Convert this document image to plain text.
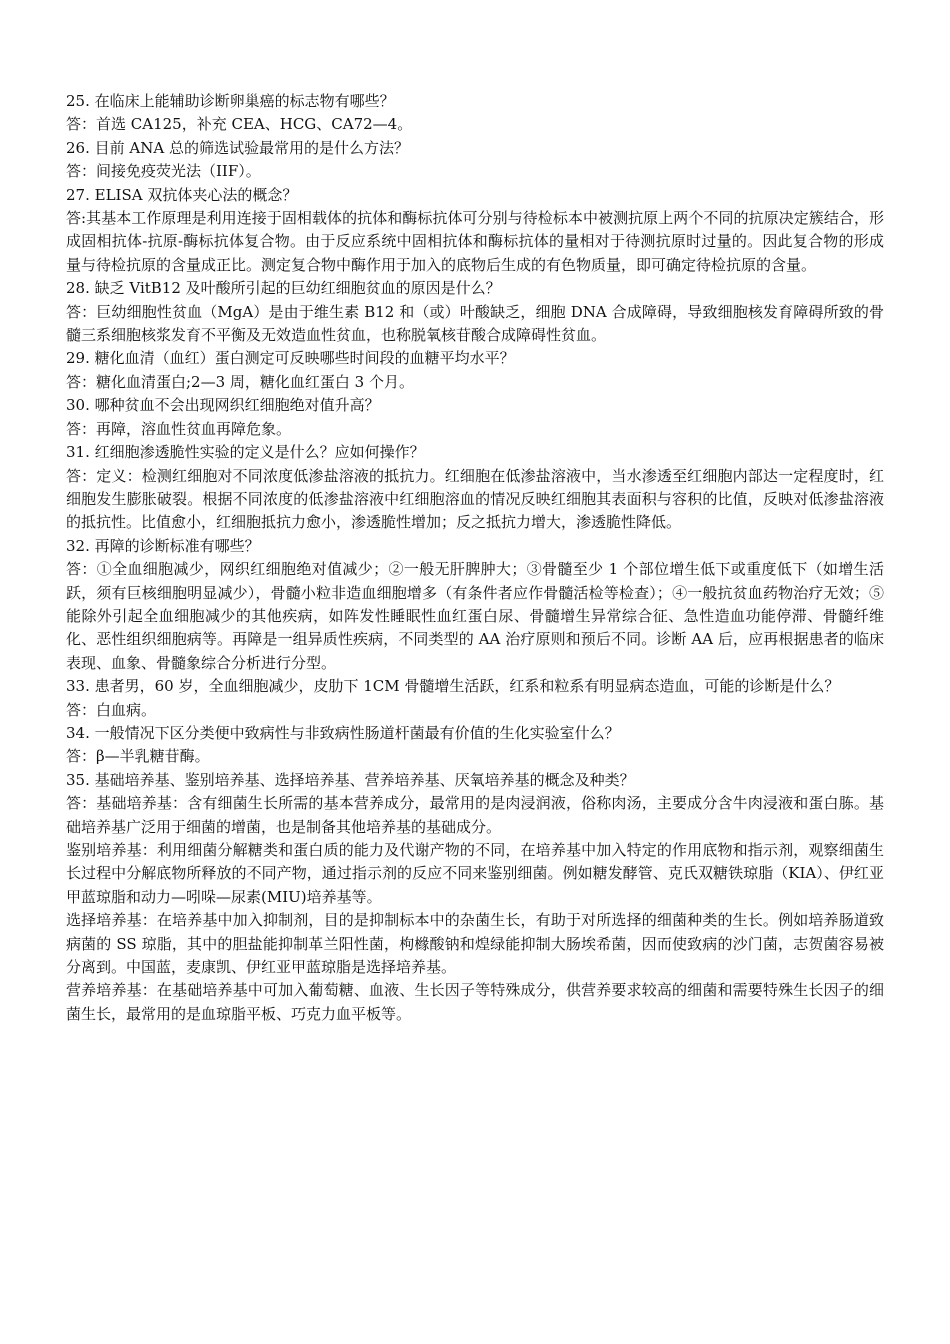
25. 在临床上能辅助诊断卵巢癌的标志物有哪些？

答：首选 CA125，补充 CEA、HCG、CA72—4。

26. 目前 ANA 总的筛选试验最常用的是什么方法？

答：间接免疫荧光法（IIF）。

27. ELISA 双抗体夹心法的概念？

答:其基本工作原理是利用连接于固相载体的抗体和酶标抗体可分别与待检标本中被测抗原上两个不同的抗原决定簇结合，形成固相抗体-抗原-酶标抗体复合物。由于反应系统中固相抗体和酶标抗体的量相对于待测抗原时过量的。因此复合物的形成量与待检抗原的含量成正比。测定复合物中酶作用于加入的底物后生成的有色物质量，即可确定待检抗原的含量。

28. 缺乏 VitB12 及叶酸所引起的巨幼红细胞贫血的原因是什么？

答：巨幼细胞性贫血（MgA）是由于维生素 B12 和（或）叶酸缺乏，细胞 DNA 合成障碍，导致细胞核发育障碍所致的骨髓三系细胞核浆发育不平衡及无效造血性贫血，也称脱氧核苷酸合成障碍性贫血。

29. 糖化血清（血红）蛋白测定可反映哪些时间段的血糖平均水平？

答：糖化血清蛋白;2—3 周，糖化血红蛋白 3 个月。

30. 哪种贫血不会出现网织红细胞绝对值升高？

答：再障，溶血性贫血再障危象。

31. 红细胞渗透脆性实验的定义是什么？应如何操作？

答：定义：检测红细胞对不同浓度低渗盐溶液的抵抗力。红细胞在低渗盐溶液中，当水渗透至红细胞内部达一定程度时，红细胞发生膨胀破裂。根据不同浓度的低渗盐溶液中红细胞溶血的情况反映红细胞其表面积与容积的比值，反映对低渗盐溶液的抵抗性。比值愈小，红细胞抵抗力愈小，渗透脆性增加；反之抵抗力增大，渗透脆性降低。

32. 再障的诊断标准有哪些？

答：①全血细胞减少，网织红细胞绝对值减少；②一般无肝脾肿大；③骨髓至少 1 个部位增生低下或重度低下（如增生活跃，须有巨核细胞明显减少），骨髓小粒非造血细胞增多（有条件者应作骨髓活检等检查）；④一般抗贫血药物治疗无效；⑤能除外引起全血细胞减少的其他疾病，如阵发性睡眠性血红蛋白尿、骨髓增生异常综合征、急性造血功能停滞、骨髓纤维化、恶性组织细胞病等。再障是一组异质性疾病，不同类型的 AA 治疗原则和预后不同。诊断 AA 后，应再根据患者的临床表现、血象、骨髓象综合分析进行分型。

33. 患者男，60 岁，全血细胞减少，皮肋下 1CM 骨髓增生活跃，红系和粒系有明显病态造血，可能的诊断是什么？

答：白血病。

34. 一般情况下区分类便中致病性与非致病性肠道杆菌最有价值的生化实验室什么？

答：β—半乳糖苷酶。

35. 基础培养基、鉴别培养基、选择培养基、营养培养基、厌氧培养基的概念及种类？

答：基础培养基：含有细菌生长所需的基本营养成分，最常用的是肉浸润液，俗称肉汤，主要成分含牛肉浸液和蛋白胨。基础培养基广泛用于细菌的增菌，也是制备其他培养基的基础成分。

鉴别培养基：利用细菌分解糖类和蛋白质的能力及代谢产物的不同，在培养基中加入特定的作用底物和指示剂，观察细菌生长过程中分解底物所释放的不同产物，通过指示剂的反应不同来鉴别细菌。例如糖发酵管、克氏双糖铁琼脂（KIA）、伊红亚甲蓝琼脂和动力—吲哚—尿素(MIU)培养基等。

选择培养基：在培养基中加入抑制剂，目的是抑制标本中的杂菌生长，有助于对所选择的细菌种类的生长。例如培养肠道致病菌的 SS 琼脂，其中的胆盐能抑制革兰阳性菌，枸橼酸钠和煌绿能抑制大肠埃希菌，因而使致病的沙门菌，志贺菌容易被分离到。中国蓝，麦康凯、伊红亚甲蓝琼脂是选择培养基。

营养培养基：在基础培养基中可加入葡萄糖、血液、生长因子等特殊成分，供营养要求较高的细菌和需要特殊生长因子的细菌生长，最常用的是血琼脂平板、巧克力血平板等。
